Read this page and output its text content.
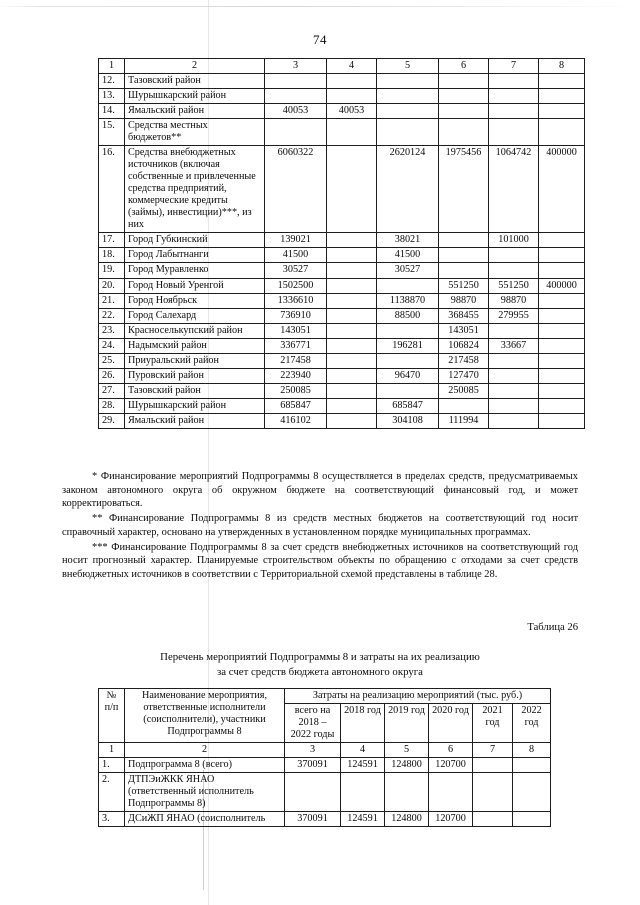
74
1	2	3	4	5	6	7	8
12.	Тазовский район						
13.	Шурышкарский район						
14.	Ямальский район	40053	40053				
15.	Средства местных бюджетов**						
16.	Средства внебюджетных источников (включая собственные и привлеченные средства предприятий, коммерческие кредиты (займы), инвестиции)***, из них	6060322		2620124	1975456	1064742	400000
17.	Город Губкинский	139021		38021		101000	
18.	Город Лабытнанги	41500		41500			
19.	Город Муравленко	30527		30527			
20.	Город Новый Уренгой	1502500			551250	551250	400000
21.	Город Ноябрьск	1336610		1138870	98870	98870	
22.	Город Салехард	736910		88500	368455	279955	
23.	Красноселькупский район	143051			143051		
24.	Надымский район	336771		196281	106824	33667	
25.	Приуральский район	217458			217458		
26.	Пуровский район	223940		96470	127470		
27.	Тазовский район	250085			250085		
28.	Шурышкарский район	685847		685847			
29.	Ямальский район	416102		304108	111994		

* Финансирование мероприятий Подпрограммы 8 осуществляется в пределах средств, предусматриваемых законом автономного округа об окружном бюджете на соответствующий финансовый год, и может корректироваться.

** Финансирование Подпрограммы 8 из средств местных бюджетов на соответствующий год носит справочный характер, основано на утвержденных в установленном порядке муниципальных программах.

*** Финансирование Подпрограммы 8 за счет средств внебюджетных источников на соответствующий год носит прогнозный характер. Планируемые строительством объекты по обращению с отходами за счет средств внебюджетных источников в соответствии с Территориальной схемой представлены в таблице 28.

Таблица 26
Перечень мероприятий Подпрограммы 8 и затраты на их реализацию
за счет средств бюджета автономного округа
№ п/п	Наименование мероприятия, ответственные исполнители (соисполнители), участники Подпрограммы 8	Затраты на реализацию мероприятий (тыс. руб.)					
		всего на 2018 – 2022 годы	2018 год	2019 год	2020 год	2021 год	2022 год
1	2	3	4	5	6	7	8
1.	Подпрограмма 8 (всего)	370091	124591	124800	120700		
2.	ДТПЭиЖКК ЯНАО (ответственный исполнитель Подпрограммы 8)						
3.	ДСиЖП ЯНАО (соисполнитель	370091	124591	124800	120700		
